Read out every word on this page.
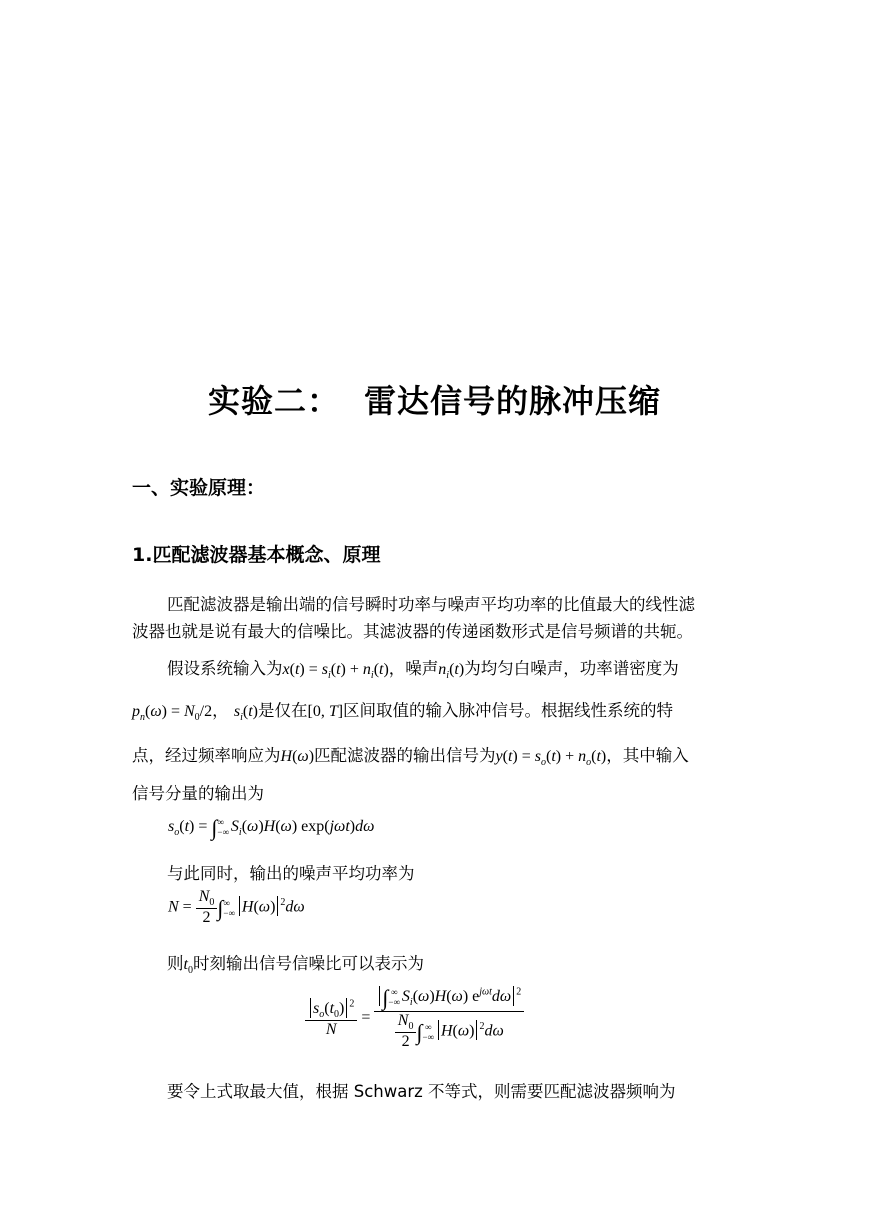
实验二： 雷达信号的脉冲压缩
一、实验原理：
1.匹配滤波器基本概念、原理
匹配滤波器是输出端的信号瞬时功率与噪声平均功率的比值最大的线性滤
波器也就是说有最大的信噪比。其滤波器的传递函数形式是信号频谱的共轭。
假设系统输入为$x(t) = s_i(t) + n_i(t)$，噪声$n_i(t)$为均匀白噪声，功率谱密度为
$p_n(\omega) = N_0/2$， $s_i(t)$是仅在[0, T]区间取值的输入脉冲信号。根据线性系统的特
点，经过频率响应为H(ω)匹配滤波器的输出信号为$y(t) = s_o(t) + n_o(t)$，其中输入
信号分量的输出为
$s_o(t)$ = ∫∞
−∞ $S_i(\omega)H(\omega)$ exp(jωt)dω
与此同时，输出的噪声平均功率为
$N = \frac{N_0}{2}$ ∫∞
−∞ H(ω) $^2$dω
则$t_0$时刻输出信号信噪比可以表示为
$\frac{s_o(t_0) ^2}{N}$ =
∫ ∞
−∞ $S_i(\omega)H(\omega)$ $e^{j\omega t}d\omega$ $^2$
$\frac{N_0}{2}$ ∫ ∞
−∞ H(ω) $^2$dω
要令上式取最大值，根据 Schwarz 不等式，则需要匹配滤波器频响为
